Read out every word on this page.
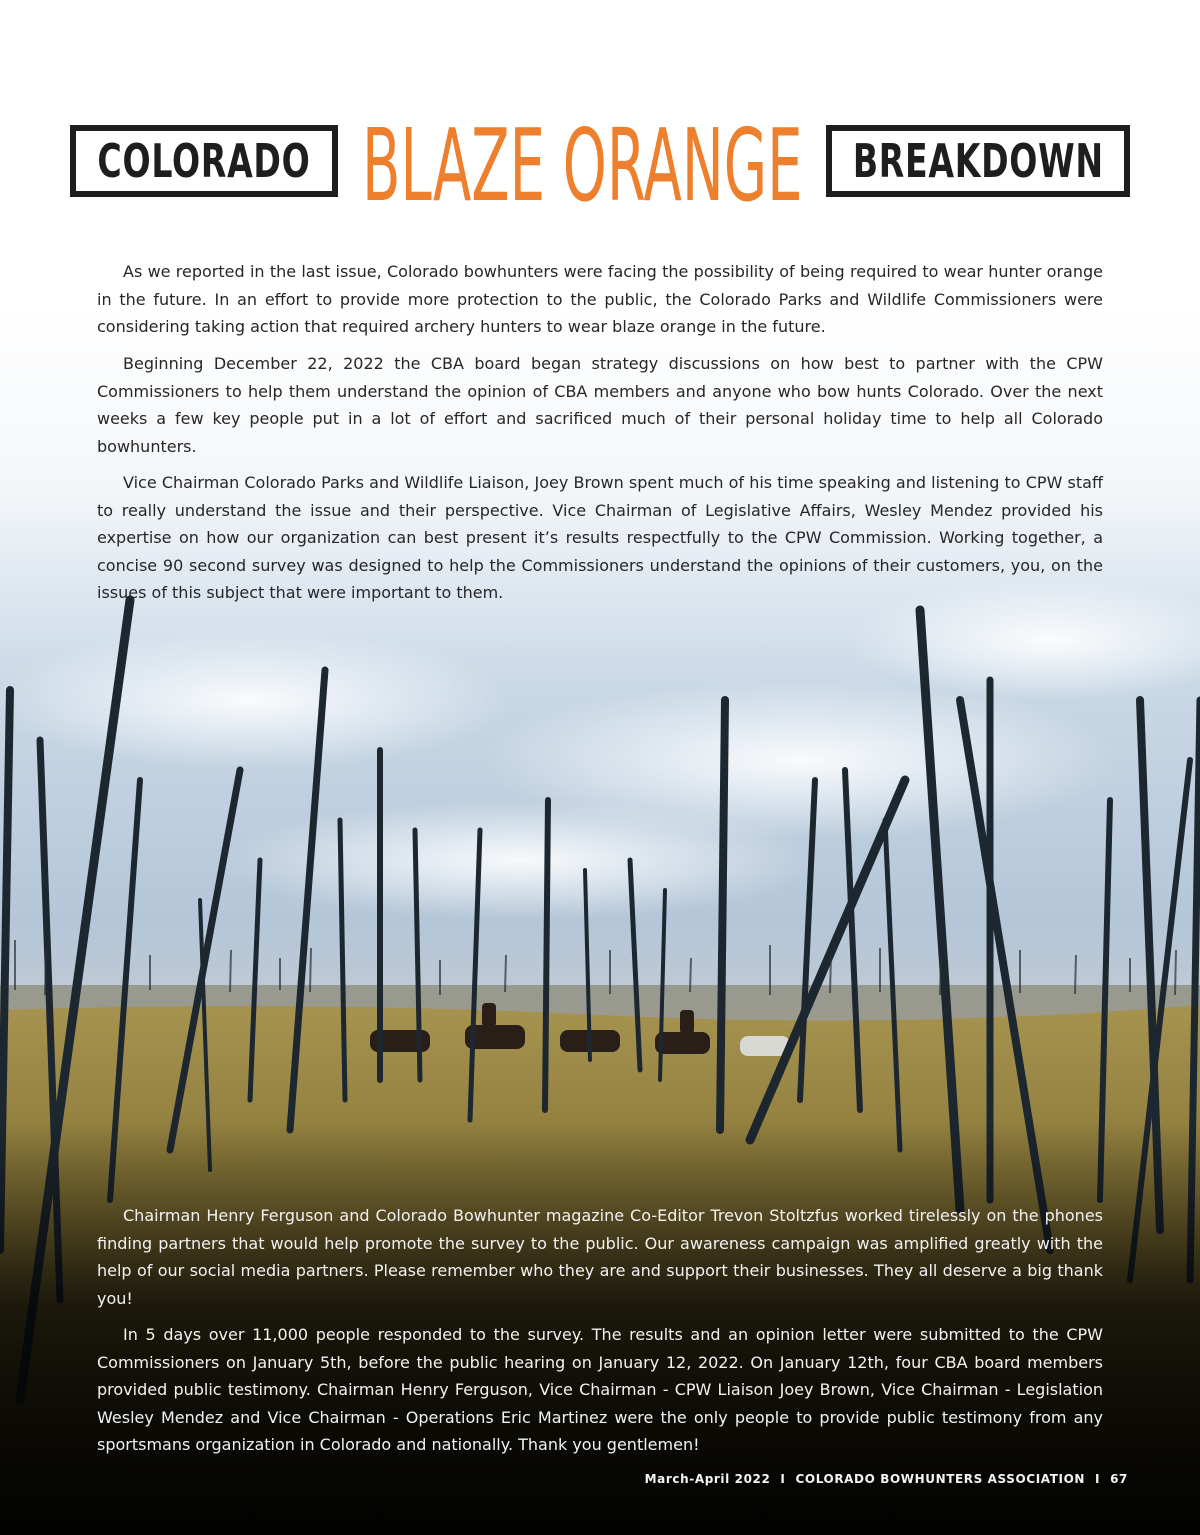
COLORADO BLAZE ORANGE BREAKDOWN

As we reported in the last issue, Colorado bowhunters were facing the possibility of being required to wear hunter orange in the future. In an effort to provide more protection to the public, the Colorado Parks and Wildlife Commissioners were considering taking action that required archery hunters to wear blaze orange in the future.

Beginning December 22, 2022 the CBA board began strategy discussions on how best to partner with the CPW Commissioners to help them understand the opinion of CBA members and anyone who bow hunts Colorado. Over the next weeks a few key people put in a lot of effort and sacrificed much of their personal holiday time to help all Colorado bowhunters.

Vice Chairman Colorado Parks and Wildlife Liaison, Joey Brown spent much of his time speaking and listening to CPW staff to really understand the issue and their perspective. Vice Chairman of Legislative Affairs, Wesley Mendez provided his expertise on how our organization can best present it’s results respectfully to the CPW Commission. Working together, a concise 90 second survey was designed to help the Commissioners understand the opinions of their customers, you, on the issues of this subject that were important to them.

Chairman Henry Ferguson and Colorado Bowhunter magazine Co-Editor Trevon Stoltzfus worked tirelessly on the phones finding partners that would help promote the survey to the public. Our awareness campaign was amplified greatly with the help of our social media partners. Please remember who they are and support their businesses. They all deserve a big thank you!

In 5 days over 11,000 people responded to the survey. The results and an opinion letter were submitted to the CPW Commissioners on January 5th, before the public hearing on January 12, 2022. On January 12th, four CBA board members provided public testimony. Chairman Henry Ferguson, Vice Chairman - CPW Liaison Joey Brown, Vice Chairman - Legislation Wesley Mendez and Vice Chairman - Operations Eric Martinez were the only people to provide public testimony from any sportsmans organization in Colorado and nationally. Thank you gentlemen!

March-April 2022 I COLORADO BOWHUNTERS ASSOCIATION I 67
